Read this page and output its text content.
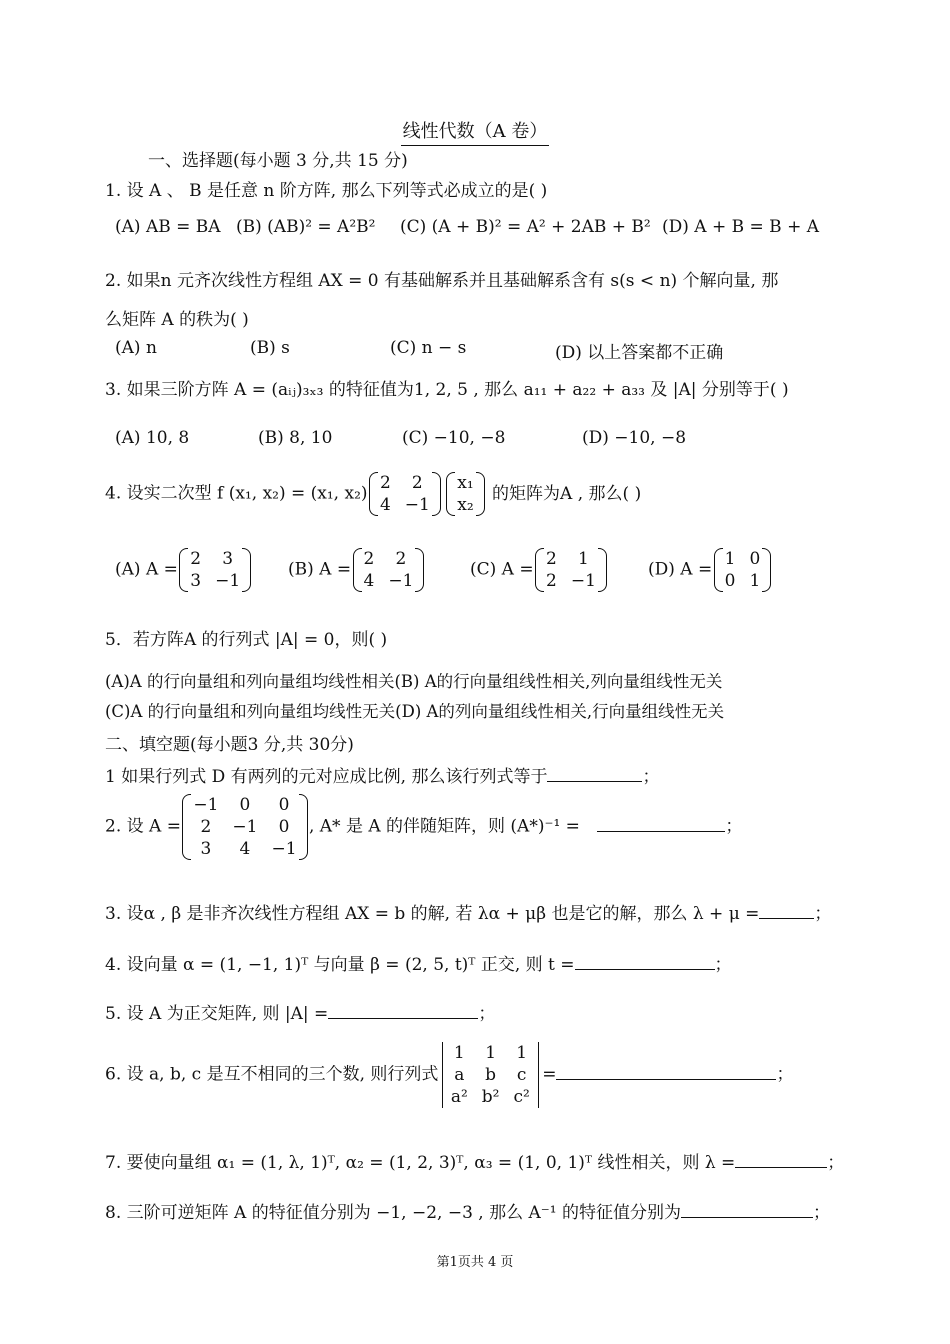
线性代数（A 卷）
一、选择题(每小题 3 分,共 15 分)
1. 设 A 、 B 是任意 n 阶方阵, 那么下列等式必成立的是( )
(A) AB = BA (B) (AB)² = A²B² (C) (A + B)² = A² + 2AB + B² (D) A + B = B + A
2. 如果n 元齐次线性方程组 AX = 0 有基础解系并且基础解系含有 s(s < n) 个解向量, 那
么矩阵 A 的秩为( )
(A) n	(B) s	(C) n − s	(D) 以上答案都不正确
3. 如果三阶方阵 A = (aᵢⱼ)₃ₓ₃ 的特征值为1, 2, 5 , 那么 a₁₁ + a₂₂ + a₃₃ 及 |A| 分别等于( )
(A) 10, 8	(B) 8, 10	(C) −10, −8	(D) −10, −8
4. 设实二次型 f (x₁, x₂) = (x₁, x₂)
2	2
4	−1

x₁
x₂
的矩阵为A , 那么( )
(A) A =
2	3
3	−1
(B) A =
2	2
4	−1
(C) A =
2	1
2	−1
(D) A =
1	0
0	1
5．若方阵A 的行列式 |A| = 0，则( )
(A)A 的行向量组和列向量组均线性相关(B) A的行向量组线性相关,列向量组线性无关
(C)A 的行向量组和列向量组均线性无关(D) A的列向量组线性相关,行向量组线性无关
二、填空题(每小题3 分,共 30分)
1 如果行列式 D 有两列的元对应成比例, 那么该行列式等于	；
2. 设 A =
−1	0	0
2	−1	0
3	4	−1
, A* 是 A 的伴随矩阵，则 (A*)⁻¹ =	；
3. 设α , β 是非齐次线性方程组 AX = b 的解, 若 λα + μβ 也是它的解，那么 λ + μ =	；
4. 设向量 α = (1, −1, 1)ᵀ 与向量 β = (2, 5, t)ᵀ 正交, 则 t =	；
5. 设 A 为正交矩阵, 则 |A| =	；
6. 设 a, b, c 是互不相同的三个数, 则行列式
1	1	1
a	b	c
a²	b²	c²
=	；
7. 要使向量组 α₁ = (1, λ, 1)ᵀ, α₂ = (1, 2, 3)ᵀ, α₃ = (1, 0, 1)ᵀ 线性相关，则 λ =	；
8. 三阶可逆矩阵 A 的特征值分别为 −1, −2, −3 , 那么 A⁻¹ 的特征值分别为	；
第1页共 4 页
